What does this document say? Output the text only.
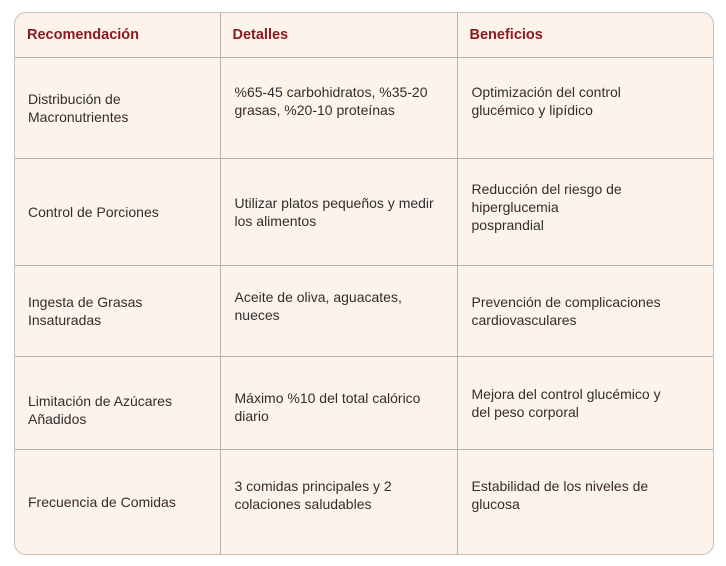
Recomendación	Detalles	Beneficios

Distribución de Macronutrientes	%65-45 carbohidratos, %35-20 grasas, %20-10 proteínas	Optimización del control glucémico y lipídico

Control de Porciones	Utilizar platos pequeños y medir los alimentos	Reducción del riesgo de hiperglucemia posprandial

Ingesta de Grasas Insaturadas	Aceite de oliva, aguacates, nueces	Prevención de complicaciones cardiovasculares

Limitación de Azúcares Añadidos	Máximo %10 del total calórico diario	Mejora del control glucémico y del peso corporal

Frecuencia de Comidas	3 comidas principales y 2 colaciones saludables	Estabilidad de los niveles de glucosa
